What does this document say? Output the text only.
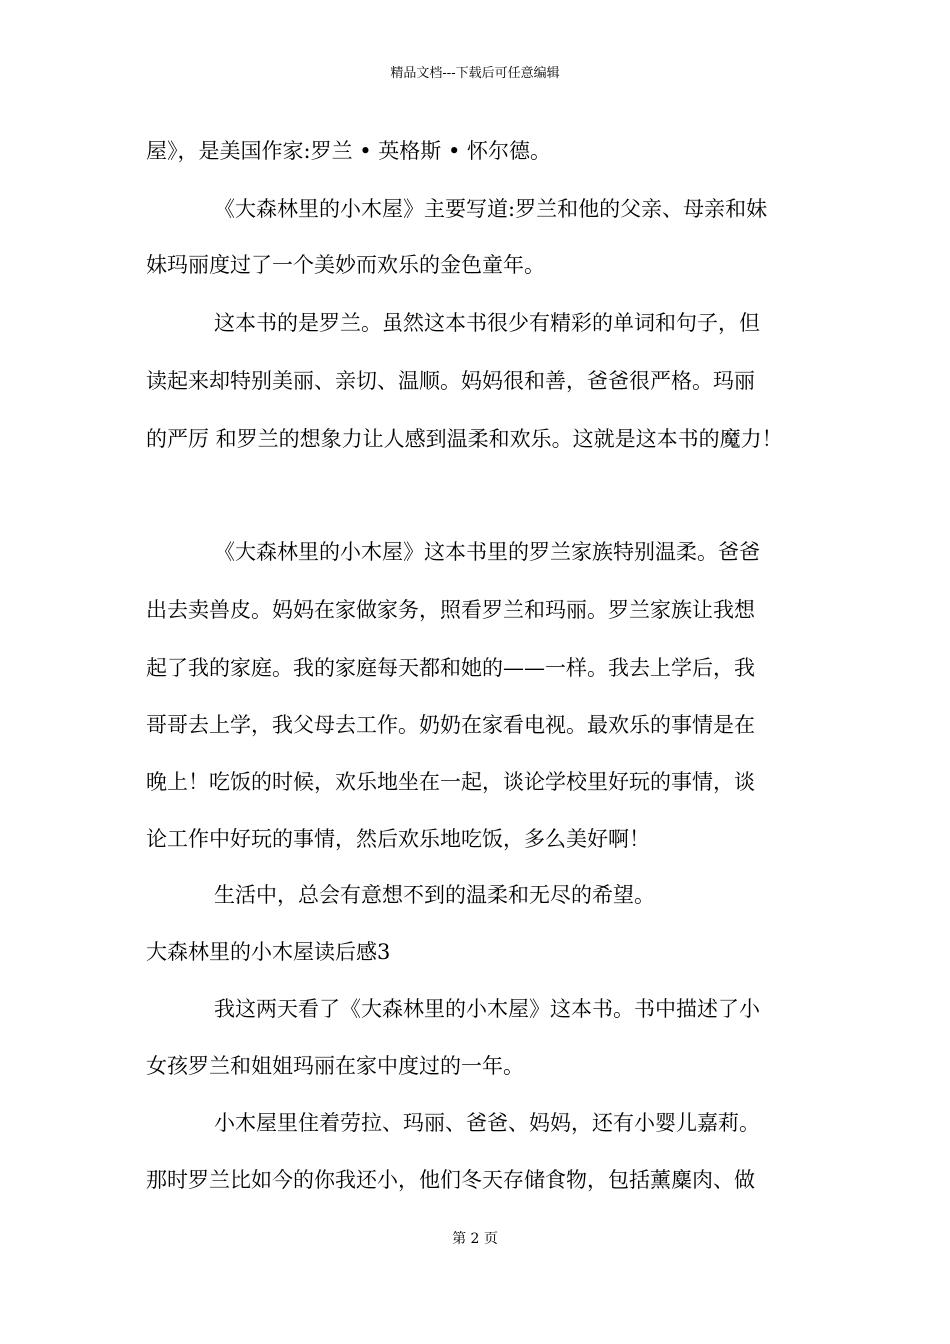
精品文档---下载后可任意编辑
屋》，是美国作家:罗兰 • 英格斯 • 怀尔德。
《大森林里的小木屋》主要写道:罗兰和他的父亲、母亲和妹
妹玛丽度过了一个美妙而欢乐的金色童年。
这本书的是罗兰。虽然这本书很少有精彩的单词和句子，但
读起来却特别美丽、亲切、温顺。妈妈很和善，爸爸很严格。玛丽
的严厉 和罗兰的想象力让人感到温柔和欢乐。这就是这本书的魔力！
《大森林里的小木屋》这本书里的罗兰家族特别温柔。爸爸
出去卖兽皮。妈妈在家做家务，照看罗兰和玛丽。罗兰家族让我想
起了我的家庭。我的家庭每天都和她的——一样。我去上学后，我
哥哥去上学，我父母去工作。奶奶在家看电视。最欢乐的事情是在
晚上！吃饭的时候，欢乐地坐在一起，谈论学校里好玩的事情，谈
论工作中好玩的事情，然后欢乐地吃饭，多么美好啊！
生活中，总会有意想不到的温柔和无尽的希望。
大森林里的小木屋读后感3
我这两天看了《大森林里的小木屋》这本书。书中描述了小
女孩罗兰和姐姐玛丽在家中度过的一年。
小木屋里住着劳拉、玛丽、爸爸、妈妈，还有小婴儿嘉莉。
那时罗兰比如今的你我还小，他们冬天存储食物，包括薰麋肉、做
第 2 页
